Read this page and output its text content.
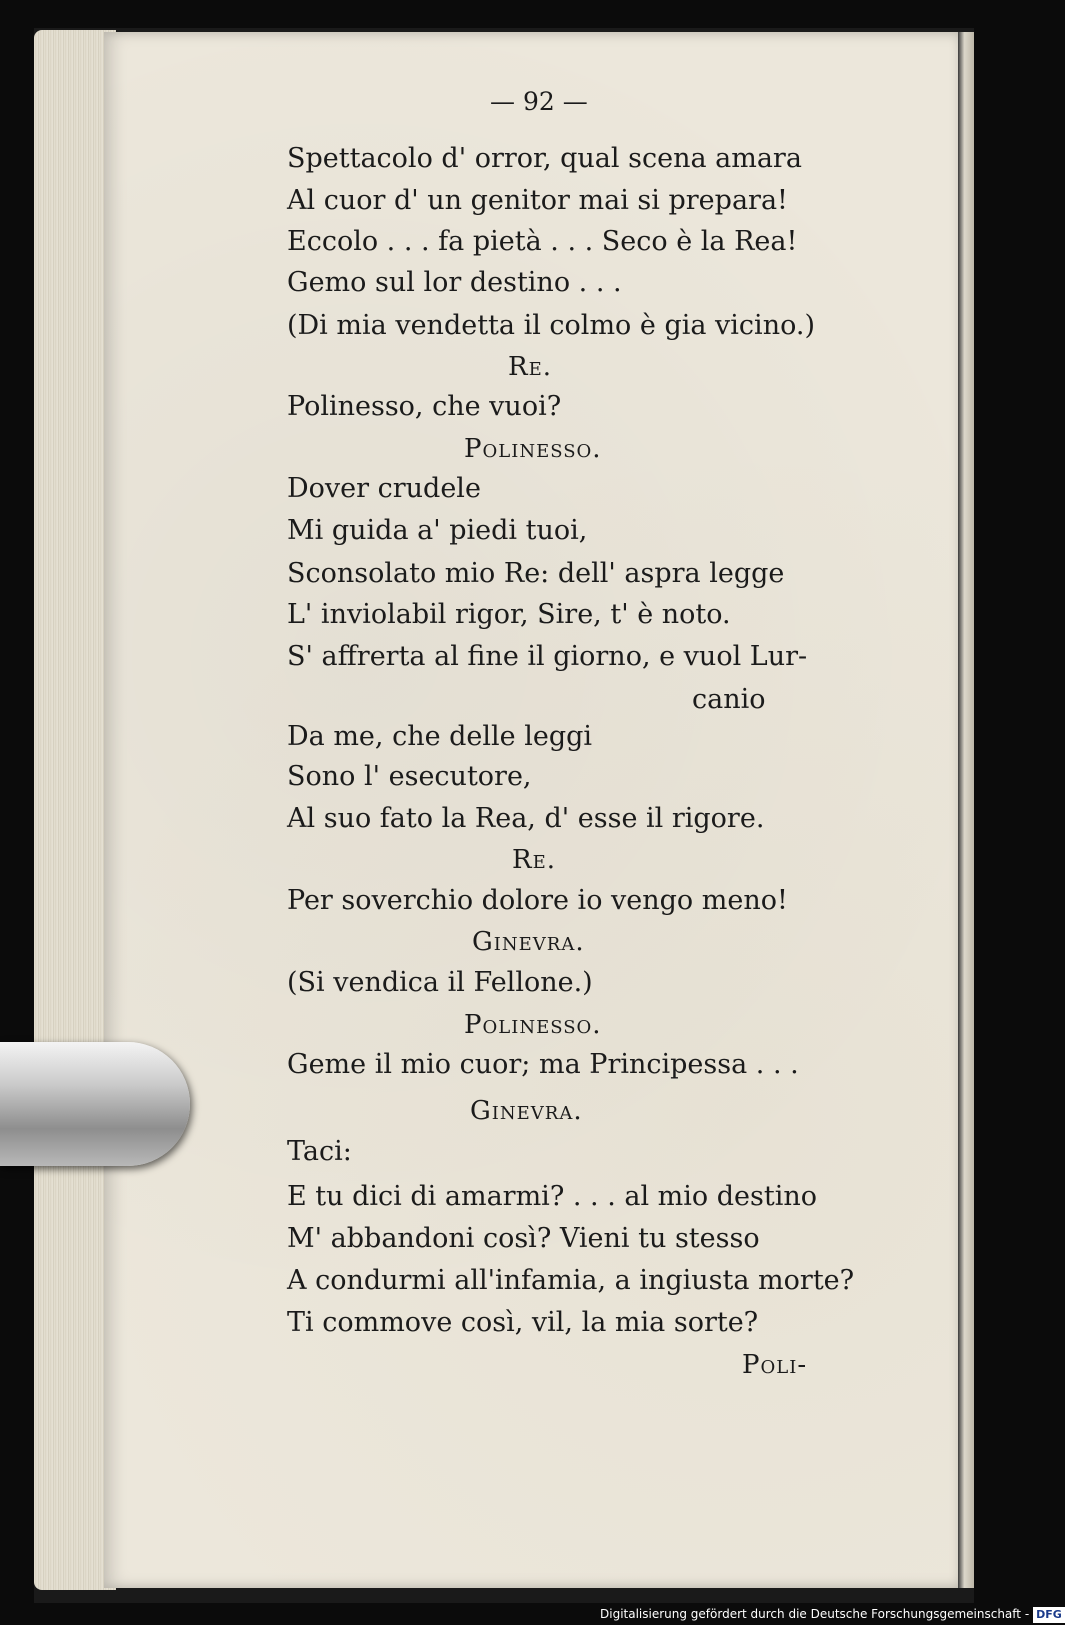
— 92 —
Spettacolo d' orror, qual scena amara
Al cuor d' un genitor mai si prepara!
Eccolo . . . fa pietà . . . Seco è la Rea!
Gemo sul lor destino . . .
(Di mia vendetta il colmo è gia vicino.)
Re.
Polinesso, che vuoi?
Polinesso.
Dover crudele
Mi guida a' piedi tuoi,
Sconsolato mio Re: dell' aspra legge
L' inviolabil rigor, Sire, t' è noto.
S' affrerta al fine il giorno, e vuol Lur-
canio
Da me, che delle leggi
Sono l' esecutore,
Al suo fato la Rea, d' esse il rigore.
Re.
Per soverchio dolore io vengo meno!
Ginevra.
(Si vendica il Fellone.)
Polinesso.
Geme il mio cuor; ma Principessa . . .
Ginevra.
Taci:
E tu dici di amarmi? . . . al mio destino
M' abbandoni così? Vieni tu stesso
A condurmi all'infamia, a ingiusta morte?
Ti commove così, vil, la mia sorte?
Poli-
Digitalisierung gefördert durch die Deutsche Forschungsgemeinschaft - DFG
